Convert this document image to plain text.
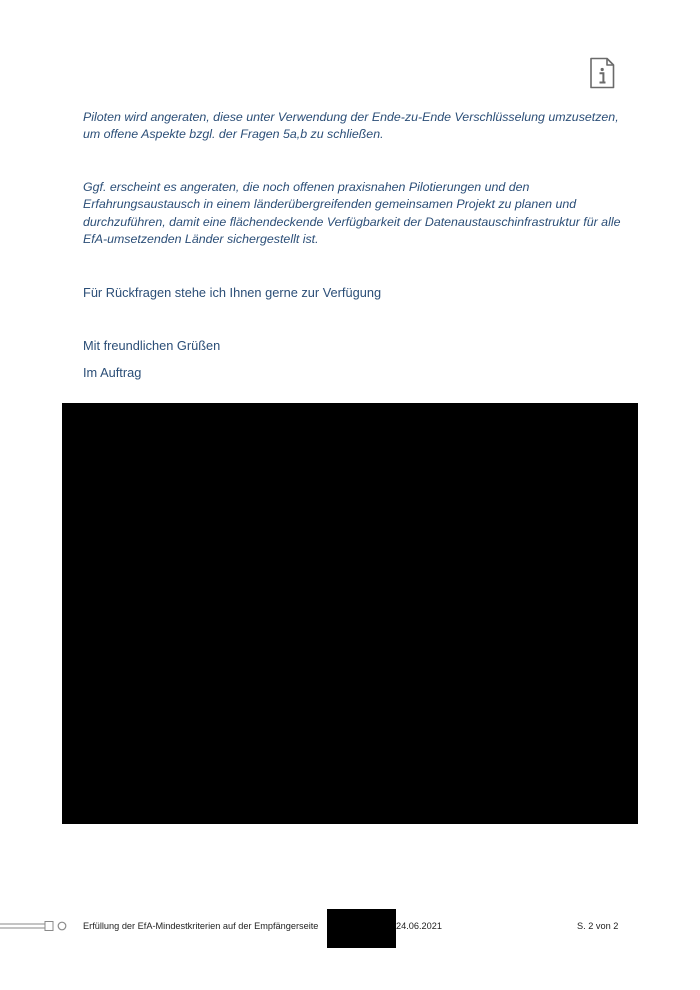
Piloten wird angeraten, diese unter Verwendung der Ende-zu-Ende Verschlüsselung umzusetzen, um offene Aspekte bzgl. der Fragen 5a,b zu schließen.

Ggf. erscheint es angeraten, die noch offenen praxisnahen Pilotierungen und den Erfahrungsaustausch in einem länderübergreifenden gemeinsamen Projekt zu planen und durchzuführen, damit eine flächendeckende Verfügbarkeit der Datenaustauschinfrastruktur für alle EfA-umsetzenden Länder sichergestellt ist.

Für Rückfragen stehe ich Ihnen gerne zur Verfügung

Mit freundlichen Grüßen

Im Auftrag

Erfüllung der EfA-Mindestkriterien auf der Empfängerseite	24.06.2021	S. 2 von 2
